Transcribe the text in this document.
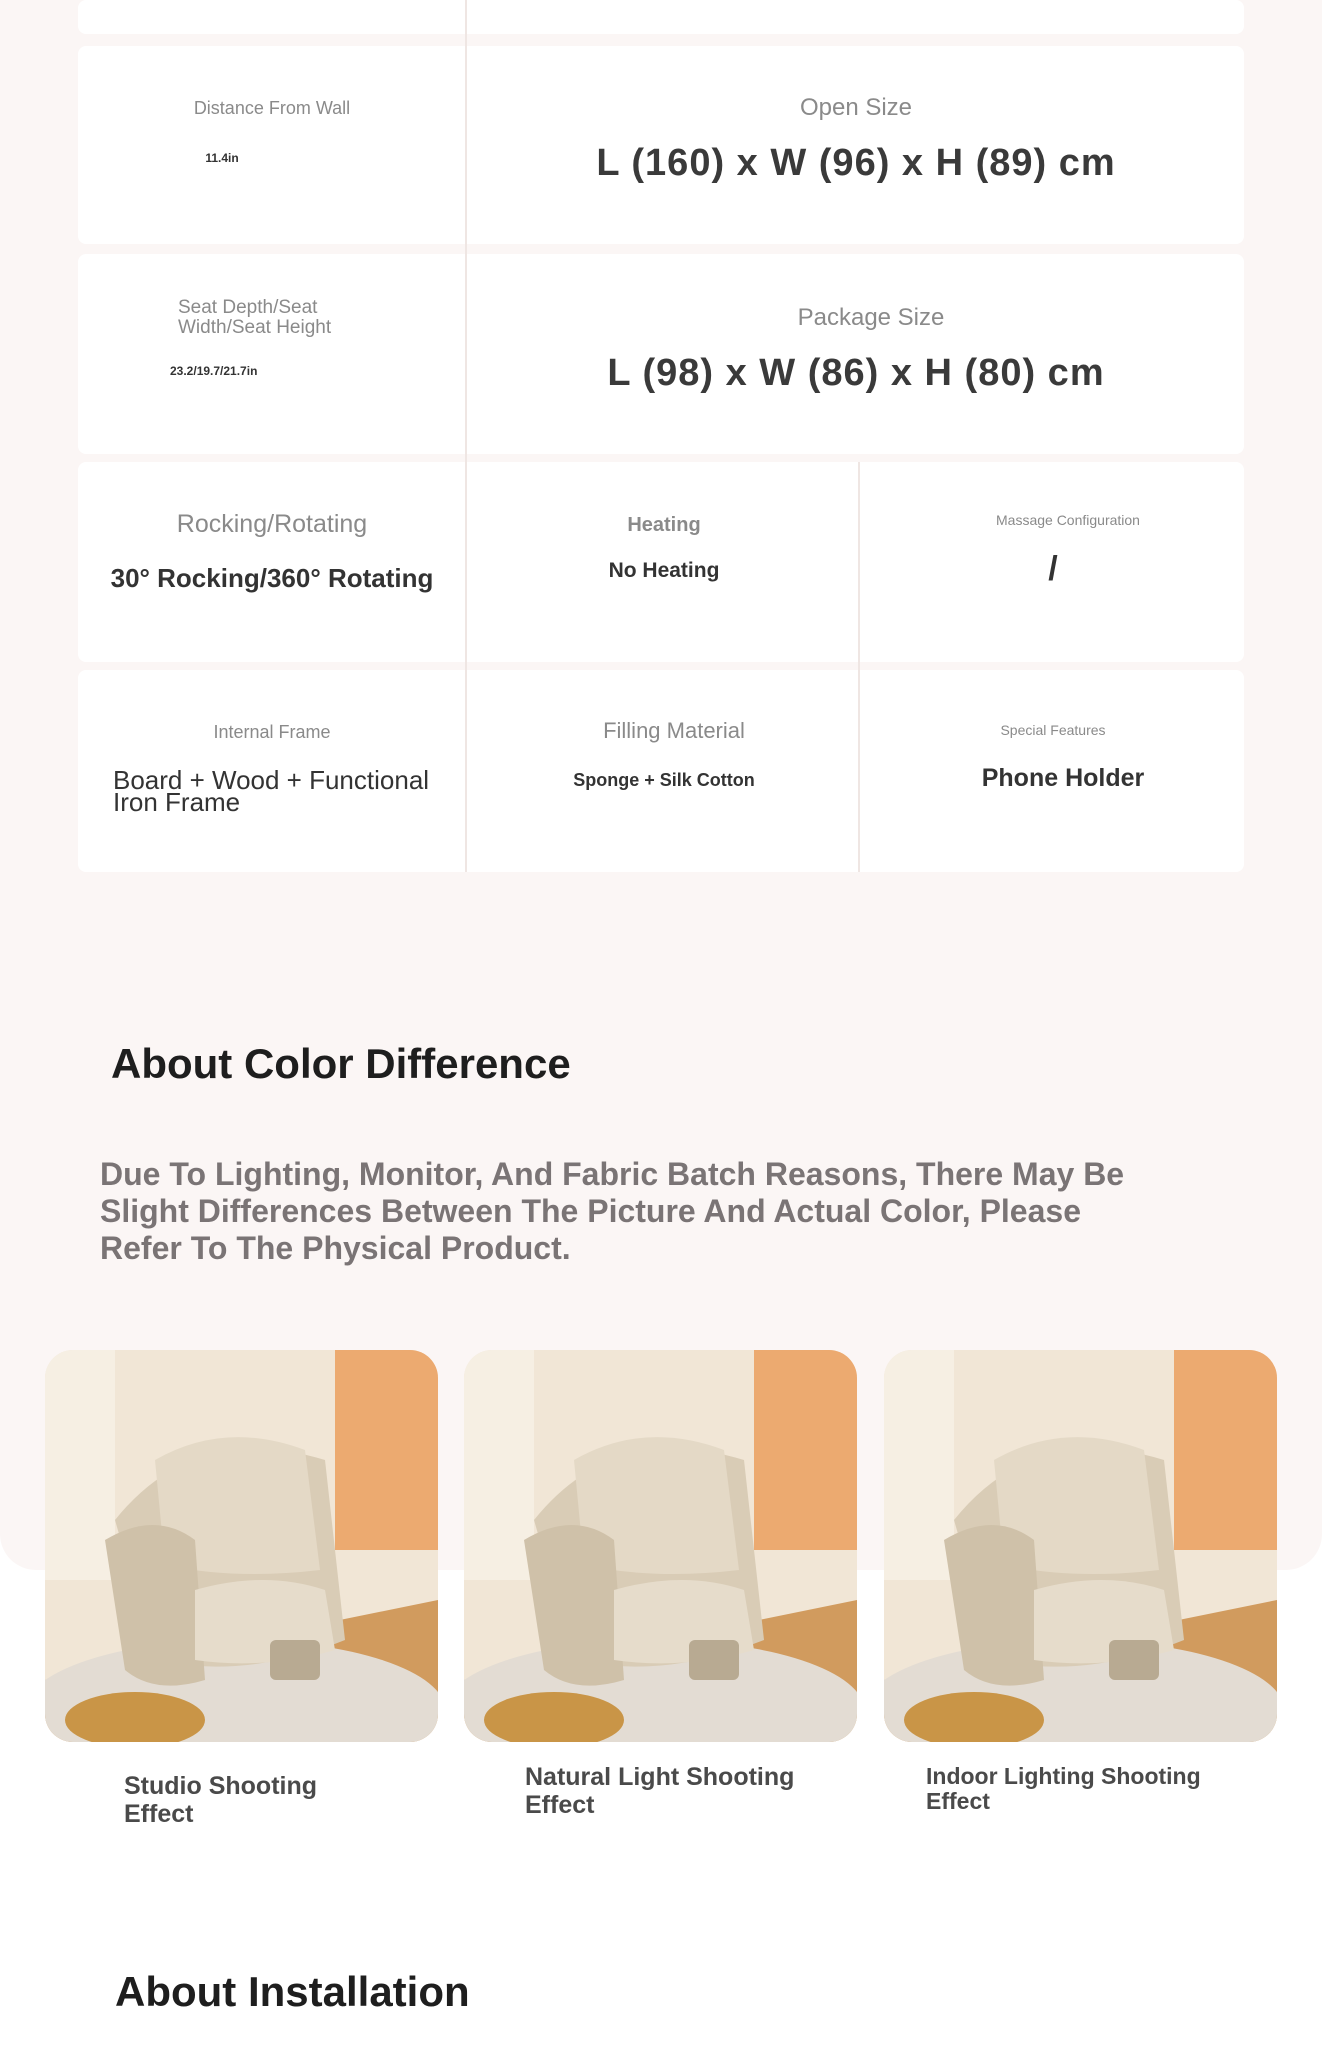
Distance From Wall
11.4in
Open Size
L (160) x W (96) x H (89) cm
Seat Depth/Seat
Width/Seat Height
23.2/19.7/21.7in
Package Size
L (98) x W (86) x H (80) cm
Rocking/Rotating
30° Rocking/360° Rotating
Heating
No Heating
Massage Configuration
/
Internal Frame
Board + Wood + Functional
Iron Frame
Filling Material
Sponge + Silk Cotton
Special Features
Phone Holder
About Color Difference

Due To Lighting, Monitor, And Fabric Batch Reasons, There May Be Slight Differences Between The Picture And Actual Color, Please Refer To The Physical Product.

Studio Shooting
Effect
Natural Light Shooting
Effect
Indoor Lighting Shooting
Effect
About Installation
